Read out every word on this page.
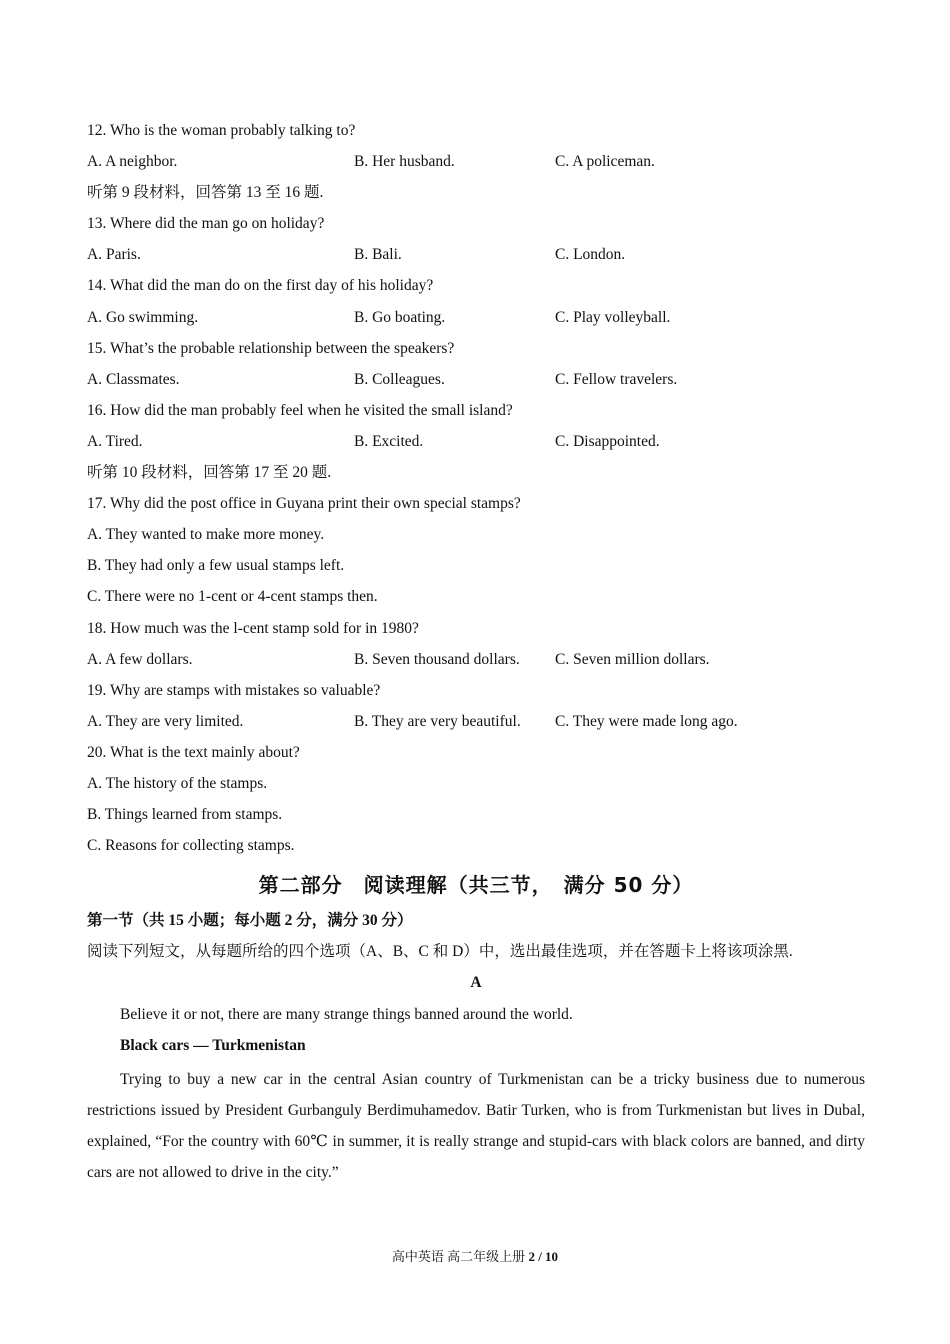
12. Who is the woman probably talking to?
A. A neighbor.	B. Her husband.	C. A policeman.
听第 9 段材料，回答第 13 至 16 题.
13. Where did the man go on holiday?
A. Paris.	B. Bali.	C. London.
14. What did the man do on the first day of his holiday?
A. Go swimming.	B. Go boating.	C. Play volleyball.
15. What’s the probable relationship between the speakers?
A. Classmates.	B. Colleagues.	C. Fellow travelers.
16. How did the man probably feel when he visited the small island?
A. Tired.	B. Excited.	C. Disappointed.
听第 10 段材料，回答第 17 至 20 题.
17. Why did the post office in Guyana print their own special stamps?
A. They wanted to make more money.
B. They had only a few usual stamps left.
C. There were no 1-cent or 4-cent stamps then.
18. How much was the l-cent stamp sold for in 1980?
A. A few dollars.	B. Seven thousand dollars. C. Seven million dollars.
19. Why are stamps with mistakes so valuable?
A. They are very limited.	B. They are very beautiful. C. They were made long ago.
20. What is the text mainly about?
A. The history of the stamps.
B. Things learned from stamps.
C. Reasons for collecting stamps.
第二部分　阅读理解（共三节，　满分 50 分）
第一节（共 15 小题；每小题 2 分，满分 30 分）
阅读下列短文，从每题所给的四个选项（A、B、C 和 D）中，选出最佳选项，并在答题卡上将该项涂黑.
A
Believe it or not, there are many strange things banned around the world.
Black cars — Turkmenistan

Trying to buy a new car in the central Asian country of Turkmenistan can be a tricky business due to numerous restrictions issued by President Gurbanguly Berdimuhamedov. Batir Turken, who is from Turkmenistan but lives in Dubal, explained, “For the country with 60℃ in summer, it is really strange and stupid-cars with black colors are banned, and dirty cars are not allowed to drive in the city.”

高中英语 高二年级上册 2 / 10
